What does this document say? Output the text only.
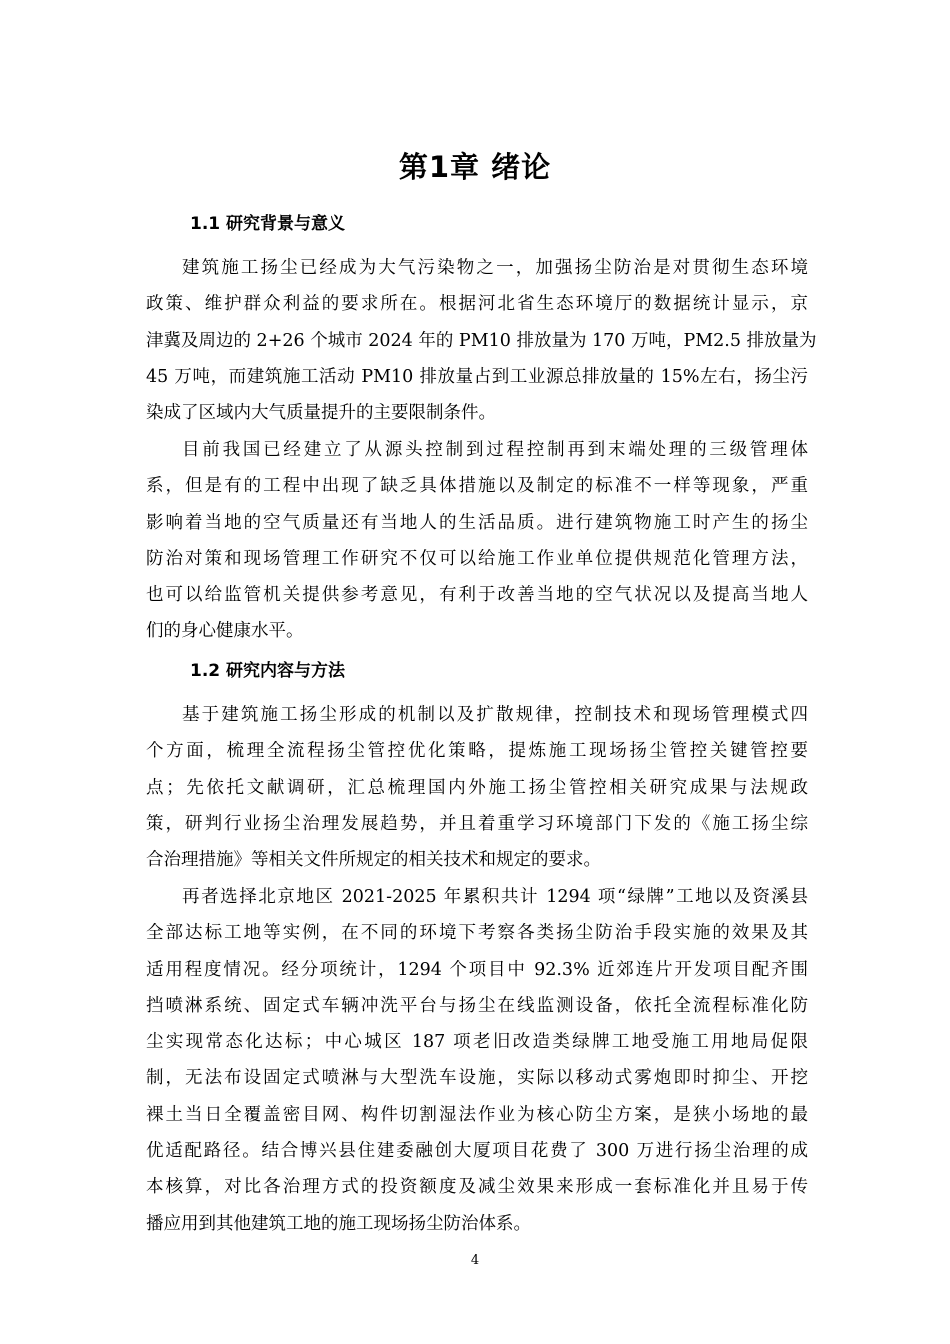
第1章 绪论
1.1 研究背景与意义
建筑施工扬尘已经成为大气污染物之一，加强扬尘防治是对贯彻生态环境
政策、维护群众利益的要求所在。根据河北省生态环境厅的数据统计显示，京
津冀及周边的 2+26 个城市 2024 年的 PM10 排放量为 170 万吨，PM2.5 排放量为
45 万吨，而建筑施工活动 PM10 排放量占到工业源总排放量的 15%左右，扬尘污
染成了区域内大气质量提升的主要限制条件。
目前我国已经建立了从源头控制到过程控制再到末端处理的三级管理体
系，但是有的工程中出现了缺乏具体措施以及制定的标准不一样等现象，严重
影响着当地的空气质量还有当地人的生活品质。进行建筑物施工时产生的扬尘
防治对策和现场管理工作研究不仅可以给施工作业单位提供规范化管理方法，
也可以给监管机关提供参考意见，有利于改善当地的空气状况以及提高当地人
们的身心健康水平。
1.2 研究内容与方法
基于建筑施工扬尘形成的机制以及扩散规律，控制技术和现场管理模式四
个方面，梳理全流程扬尘管控优化策略，提炼施工现场扬尘管控关键管控要
点；先依托文献调研，汇总梳理国内外施工扬尘管控相关研究成果与法规政
策，研判行业扬尘治理发展趋势，并且着重学习环境部门下发的《施工扬尘综
合治理措施》等相关文件所规定的相关技术和规定的要求。
再者选择北京地区 2021-2025 年累积共计 1294 项“绿牌”工地以及资溪县
全部达标工地等实例，在不同的环境下考察各类扬尘防治手段实施的效果及其
适用程度情况。经分项统计，1294 个项目中 92.3% 近郊连片开发项目配齐围
挡喷淋系统、固定式车辆冲洗平台与扬尘在线监测设备，依托全流程标准化防
尘实现常态化达标；中心城区 187 项老旧改造类绿牌工地受施工用地局促限
制，无法布设固定式喷淋与大型洗车设施，实际以移动式雾炮即时抑尘、开挖
裸土当日全覆盖密目网、构件切割湿法作业为核心防尘方案，是狭小场地的最
优适配路径。结合博兴县住建委融创大厦项目花费了 300 万进行扬尘治理的成
本核算，对比各治理方式的投资额度及减尘效果来形成一套标准化并且易于传
播应用到其他建筑工地的施工现场扬尘防治体系。
4
